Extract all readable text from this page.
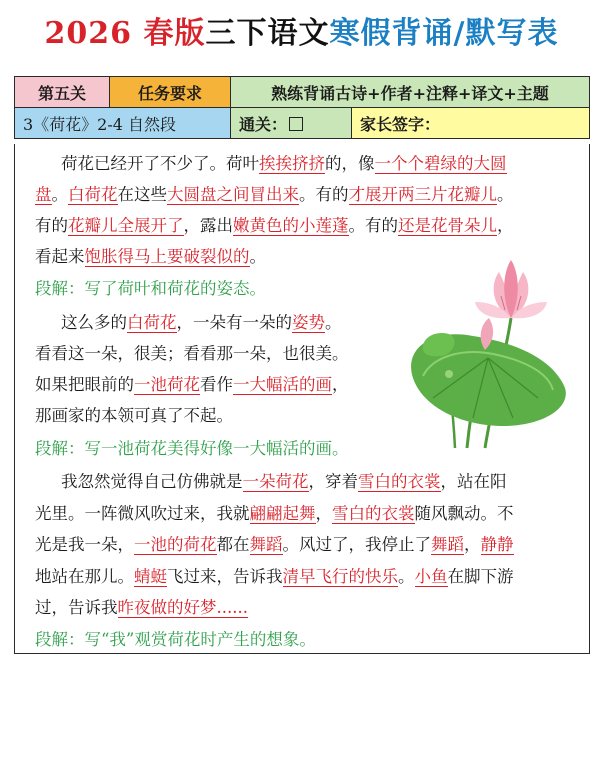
2026 春版三下语文寒假背诵/默写表
第五关	任务要求	熟练背诵古诗+作者+注释+译文+主题	
3《荷花》2-4 自然段		通关：	家长签字：
荷花已经开了不少了。荷叶挨挨挤挤的，像一个个碧绿的大圆
盘。白荷花在这些大圆盘之间冒出来。有的才展开两三片花瓣儿。
有的花瓣儿全展开了，露出嫩黄色的小莲蓬。有的还是花骨朵儿，
看起来饱胀得马上要破裂似的。
段解：写了荷叶和荷花的姿态。
这么多的白荷花，一朵有一朵的姿势。
看看这一朵，很美；看看那一朵，也很美。
如果把眼前的一池荷花看作一大幅活的画，
那画家的本领可真了不起。
段解：写一池荷花美得好像一大幅活的画。
我忽然觉得自己仿佛就是一朵荷花，穿着雪白的衣裳，站在阳
光里。一阵微风吹过来，我就翩翩起舞，雪白的衣裳随风飘动。不
光是我一朵，一池的荷花都在舞蹈。风过了，我停止了舞蹈，静静
地站在那儿。蜻蜓飞过来，告诉我清早飞行的快乐。小鱼在脚下游
过，告诉我昨夜做的好梦......
段解：写“我”观赏荷花时产生的想象。
